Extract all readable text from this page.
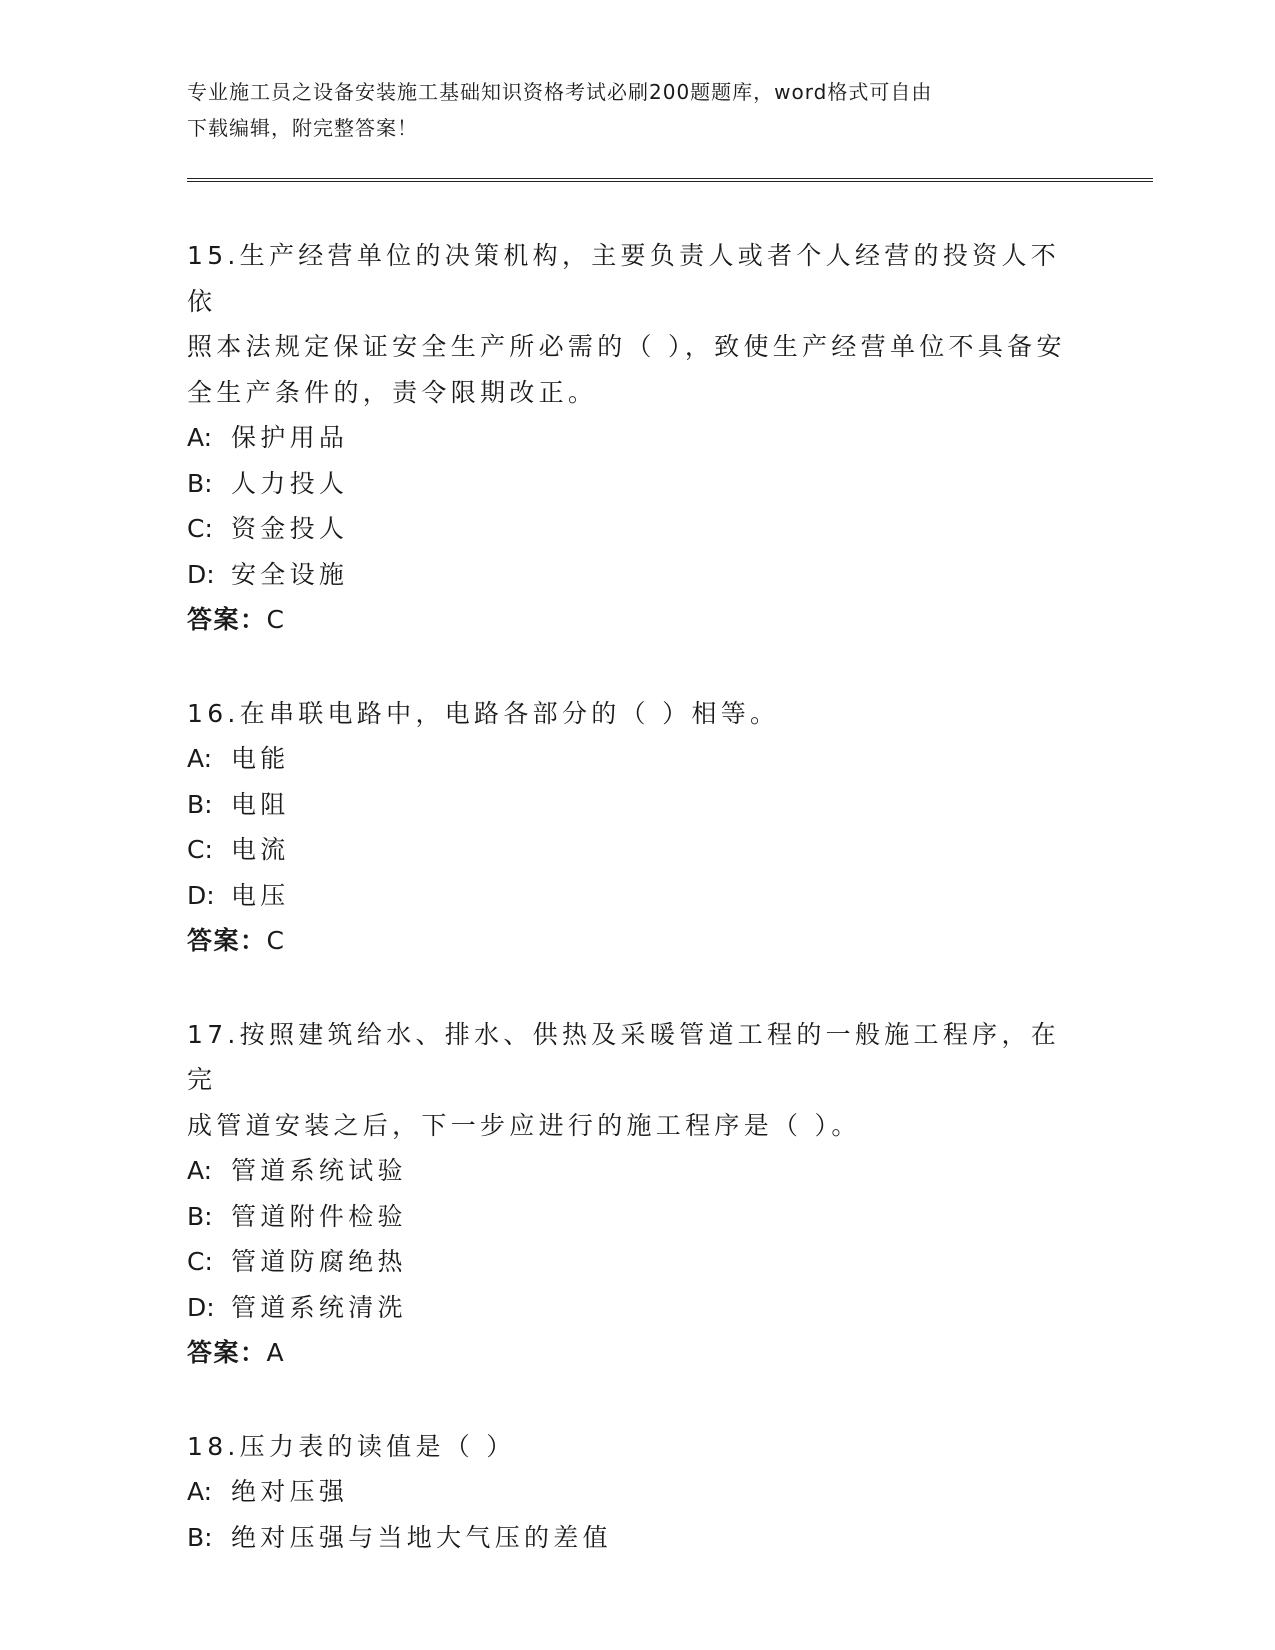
专业施工员之设备安装施工基础知识资格考试必刷200题题库，word格式可自由
下载编辑，附完整答案！

15.生产经营单位的决策机构，主要负责人或者个人经营的投资人不依

照本法规定保证安全生产所必需的（ ），致使生产经营单位不具备安

全生产条件的，责令限期改正。

A: 保护用品

B: 人力投人

C: 资金投人

D: 安全设施

答案：C

16.在串联电路中，电路各部分的（ ）相等。

A: 电能

B: 电阻

C: 电流

D: 电压

答案：C

17.按照建筑给水、排水、供热及采暖管道工程的一般施工程序，在完

成管道安装之后，下一步应进行的施工程序是（ ）。

A: 管道系统试验

B: 管道附件检验

C: 管道防腐绝热

D: 管道系统清洗

答案：A

18.压力表的读值是（ ）

A: 绝对压强

B: 绝对压强与当地大气压的差值
